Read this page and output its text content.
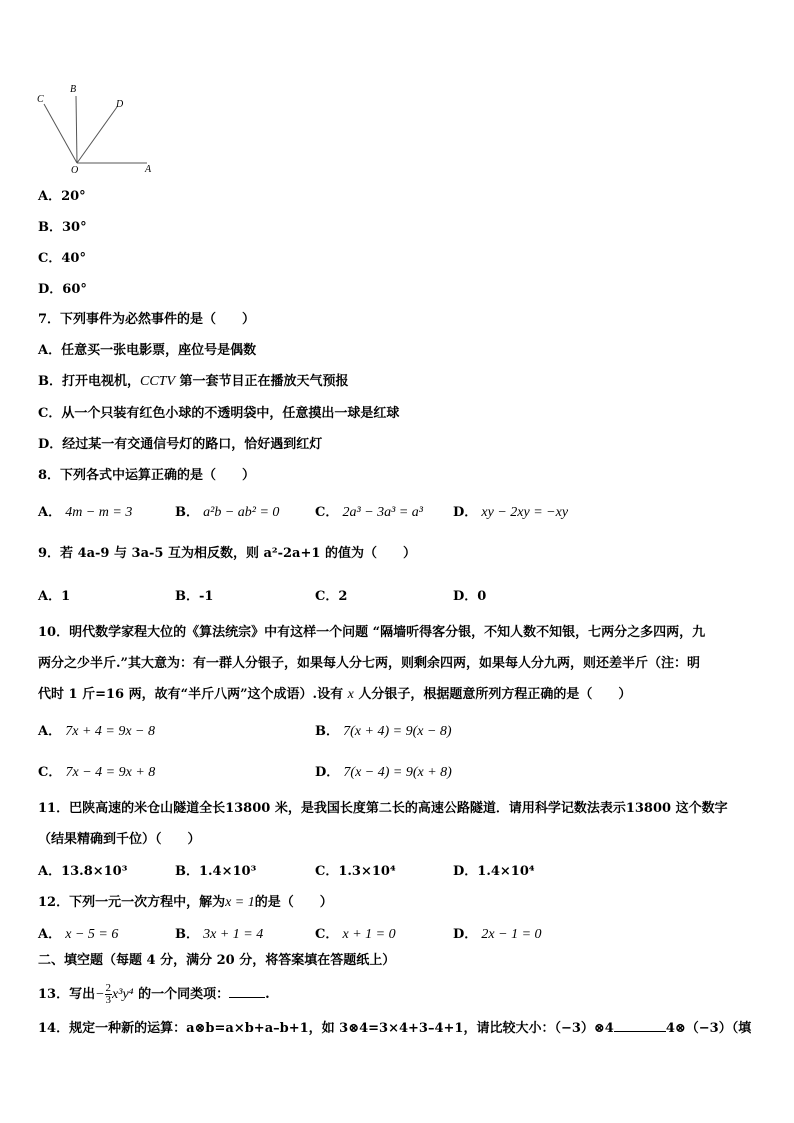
C
B
D
O	A
A．20°
B．30°
C．40°
D．60°
7．下列事件为必然事件的是（　　）
A．任意买一张电影票，座位号是偶数
B．打开电视机，CCTV 第一套节目正在播放天气预报
C．从一个只装有红色小球的不透明袋中，任意摸出一球是红球
D．经过某一有交通信号灯的路口，恰好遇到红灯
8．下列各式中运算正确的是（　　）
A． 4m − m = 3	B． a²b − ab² = 0	C． 2a³ − 3a³ = a³ D． xy − 2xy = −xy
9．若 4a-9 与 3a-5 互为相反数，则 a²-2a+1 的值为（　　）
A．1	B．-1	C．2	D．0
10．明代数学家程大位的《算法统宗》中有这样一个问题 “隔墙听得客分银，不知人数不知银，七两分之多四两，九
两分之少半斤.”其大意为：有一群人分银子，如果每人分七两，则剩余四两，如果每人分九两，则还差半斤（注：明
代时 1 斤=16 两，故有“半斤八两”这个成语）.设有 x 人分银子，根据题意所列方程正确的是（　　）
A． 7x + 4 = 9x − 8	B． 7(x + 4) = 9(x − 8)
C． 7x − 4 = 9x + 8	D． 7(x − 4) = 9(x + 8)
11．巴陕高速的米仓山隧道全长13800 米，是我国长度第二长的高速公路隧道．请用科学记数法表示13800 这个数字
（结果精确到千位）（　　）
A．13.8×10³	B．1.4×10³	C．1.3×10⁴	D．1.4×10⁴
12．下列一元一次方程中，解为x = 1的是（　　）
A． x − 5 = 6	B． 3x + 1 = 4	C． x + 1 = 0	D． 2x − 1 = 0
二、填空题（每题 4 分，满分 20 分，将答案填在答题纸上）
13．写出− $\frac{2}{3} x^3y^4$ 的一个同类项：	.
14．规定一种新的运算：a⊗b=a×b+a–b+1，如 3⊗4=3×4+3–4+1，请比较大小：（−3）⊗4	4⊗（−3）（填
